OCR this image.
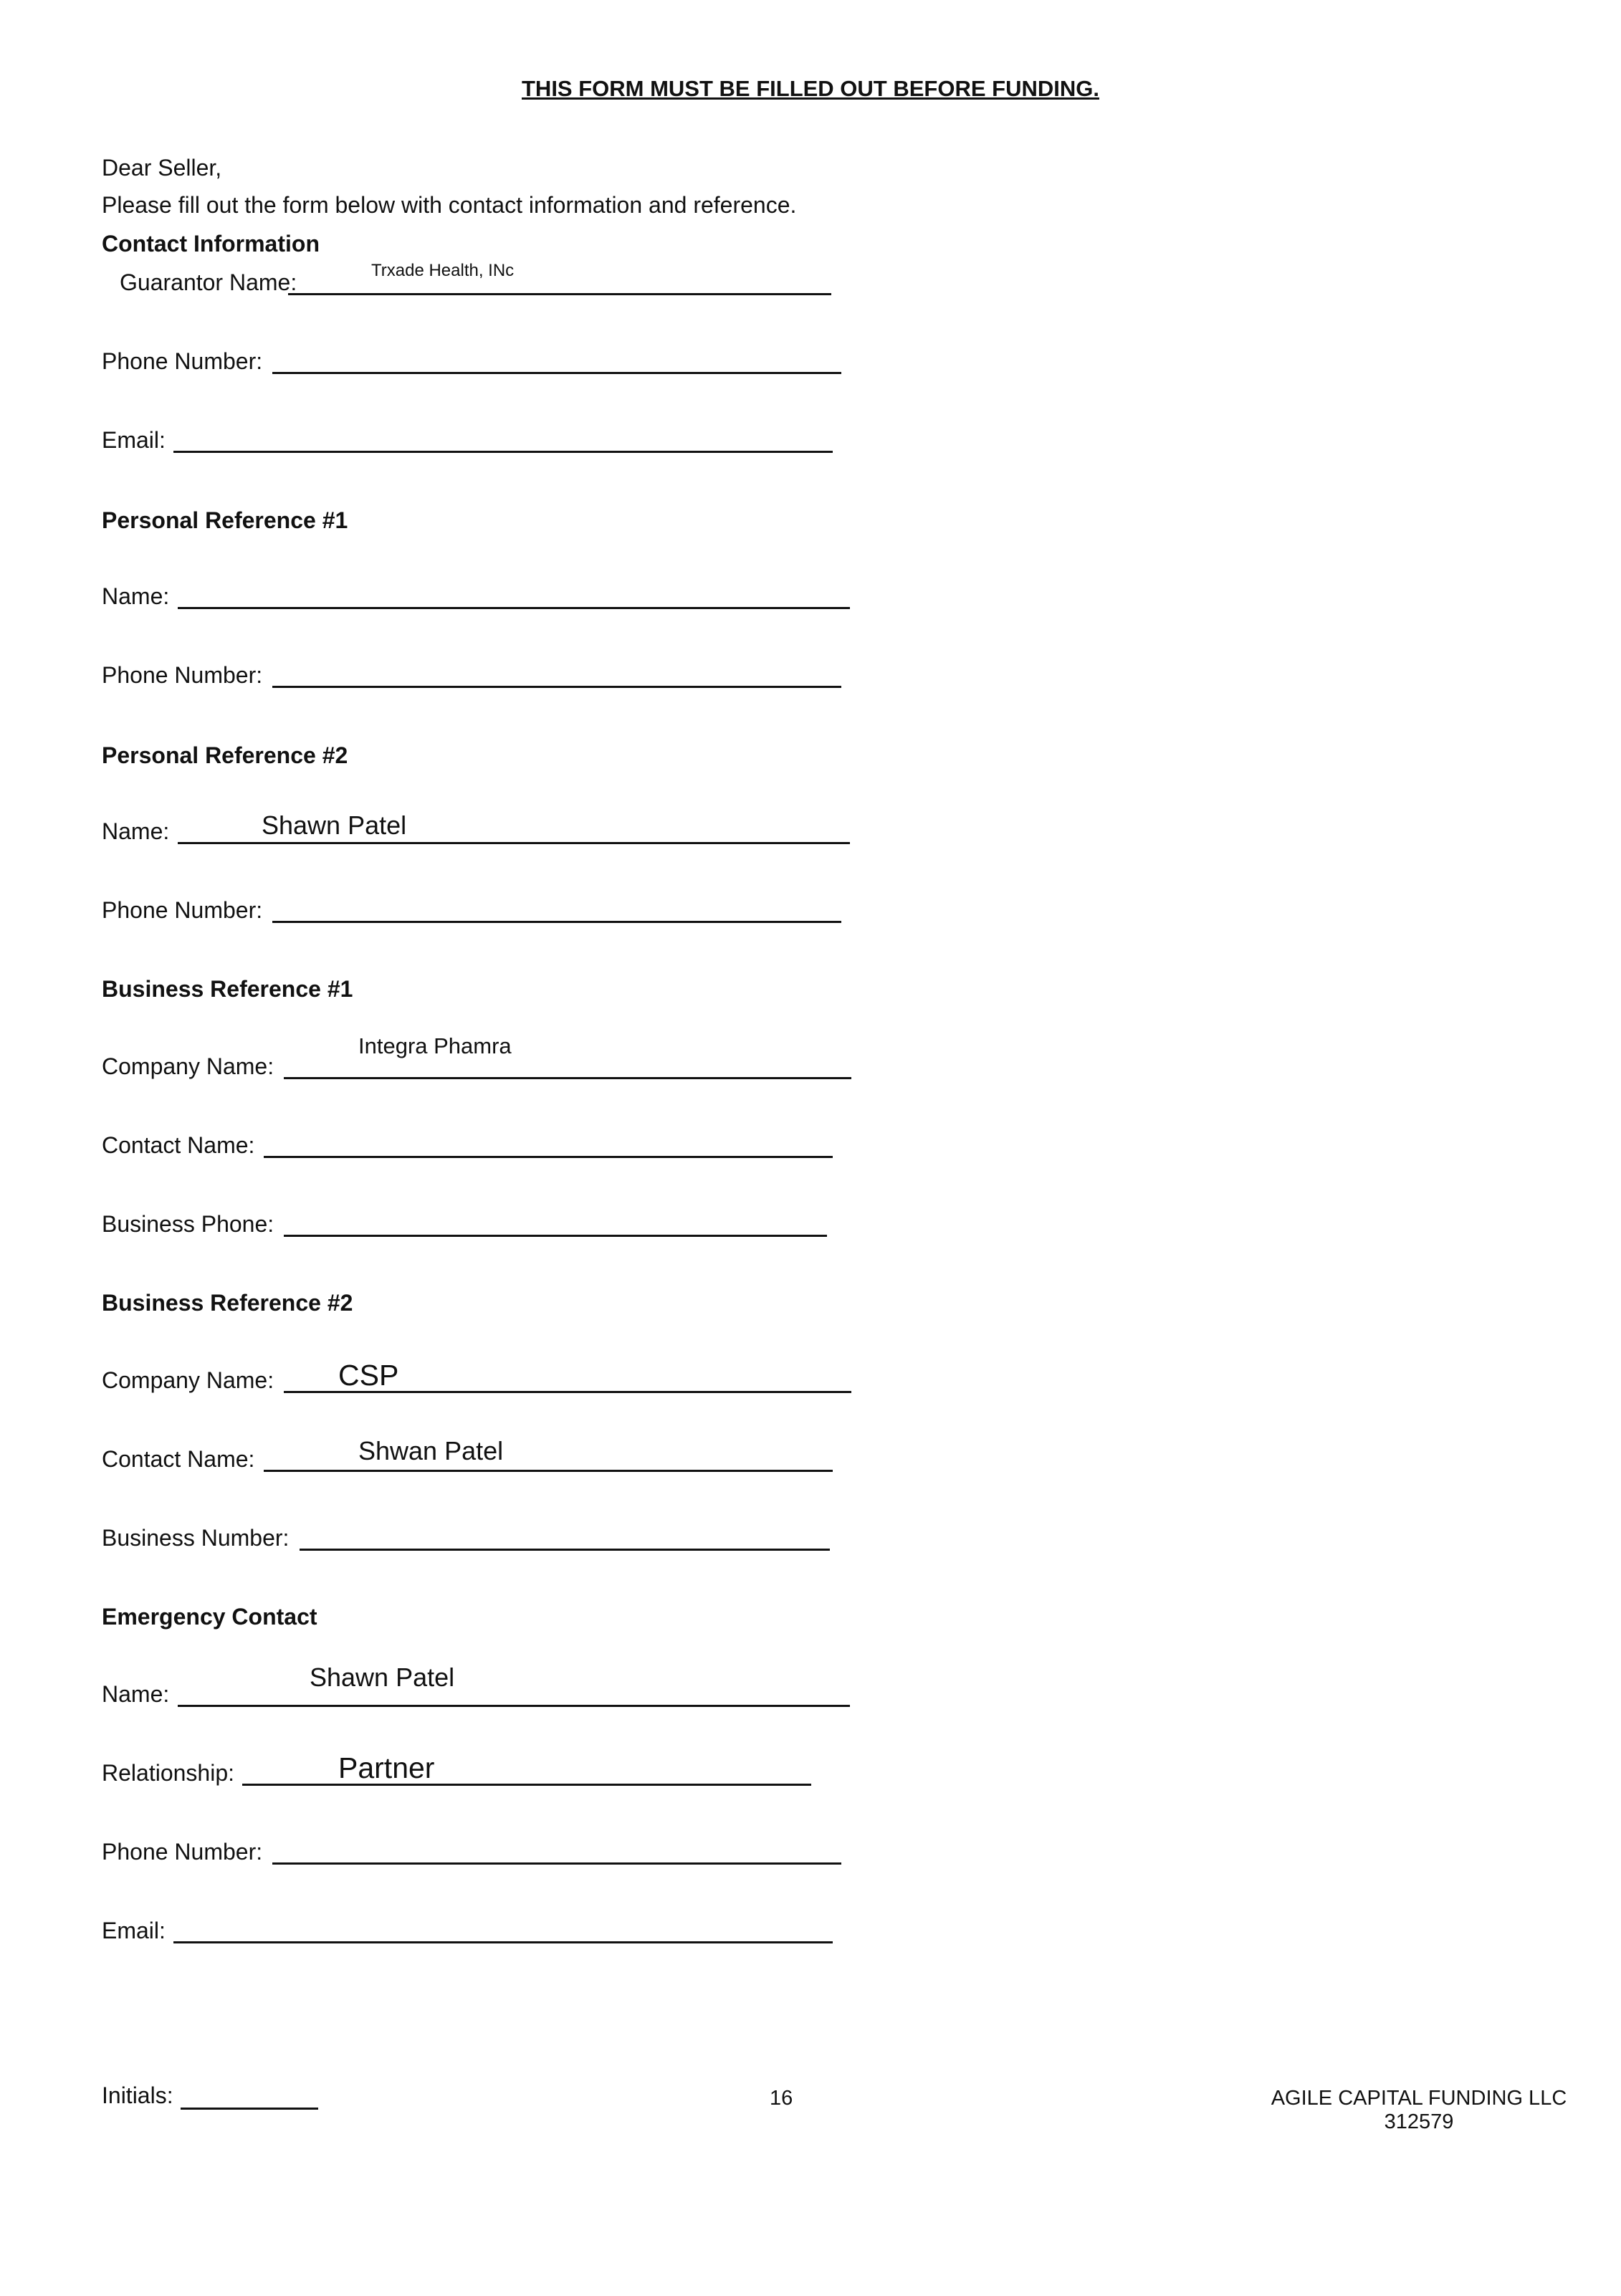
THIS FORM MUST BE FILLED OUT BEFORE FUNDING.
Dear Seller,
Please fill out the form below with contact information and reference.
Contact Information
Guarantor Name:	Trxade Health, INc
Phone Number:
Email:
Personal Reference #1
Name:
Phone Number:
Personal Reference #2
Name:	Shawn Patel
Phone Number:
Business Reference #1
Company Name:
Integra Phamra
Contact Name:
Business Phone:
Business Reference #2
Company Name: CSP
Contact Name:	Shwan Patel
Business Number:
Emergency Contact
Name:
Shawn Patel
Relationship:	Partner
Phone Number:
Email:
Initials:	16	AGILE CAPITAL FUNDING LLC
312579
